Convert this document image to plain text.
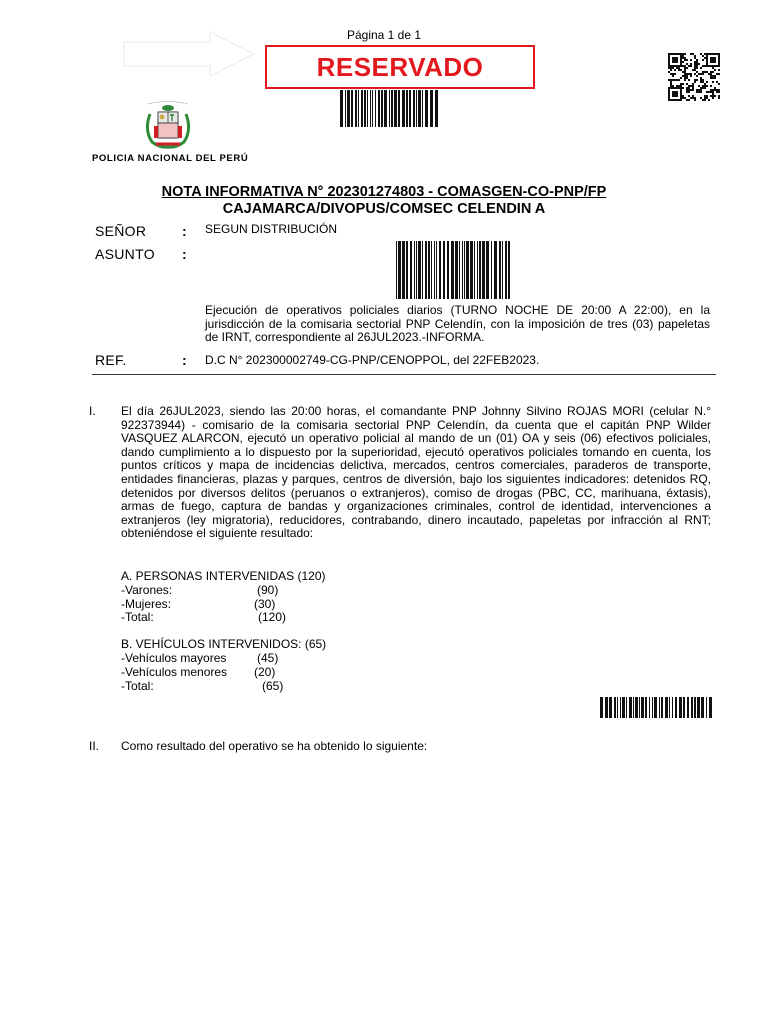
Página 1 de 1
RESERVADO
POLICIA NACIONAL DEL PERÚ
NOTA INFORMATIVA N° 202301274803 - COMASGEN-CO-PNP/FP
CAJAMARCA/DIVOPUS/COMSEC CELENDIN A
SEÑOR	: SEGUN DISTRIBUCIÓN
ASUNTO :
Ejecución de operativos policiales diarios (TURNO NOCHE DE 20:00 A 22:00), en la jurisdicción de la comisaria sectorial PNP Celendín, con la imposición de tres (03) papeletas de IRNT, correspondiente al 26JUL2023.-INFORMA.
REF.	: D.C N° 202300002749-CG-PNP/CENOPPOL, del 22FEB2023.
I. El día 26JUL2023, siendo las 20:00 horas, el comandante PNP Johnny Silvino ROJAS MORI (celular N.° 922373944) - comisario de la comisaria sectorial PNP Celendín, da cuenta que el capitán PNP Wilder VASQUEZ ALARCON, ejecutó un operativo policial al mando de un (01) OA y seis (06) efectivos policiales, dando cumplimiento a lo dispuesto por la superioridad, ejecutó operativos policiales tomando en cuenta, los puntos críticos y mapa de incidencias delictiva, mercados, centros comerciales, paraderos de transporte, entidades financieras, plazas y parques, centros de diversión, bajo los siguientes indicadores: detenidos RQ, detenidos por diversos delitos (peruanos o extranjeros), comiso de drogas (PBC, CC, marihuana, éxtasis), armas de fuego, captura de bandas y organizaciones criminales, control de identidad, intervenciones a extranjeros (ley migratoria), reducidores, contrabando, dinero incautado, papeletas por infracción al RNT; obteniéndose el siguiente resultado:
A. PERSONAS INTERVENIDAS (120)
-Varones:	(90)
-Mujeres:	(30)
-Total:	(120)
B. VEHÍCULOS INTERVENIDOS: (65)
-Vehículos mayores	(45)
-Vehículos menores (20)
-Total:	(65)
II. Como resultado del operativo se ha obtenido lo siguiente:
